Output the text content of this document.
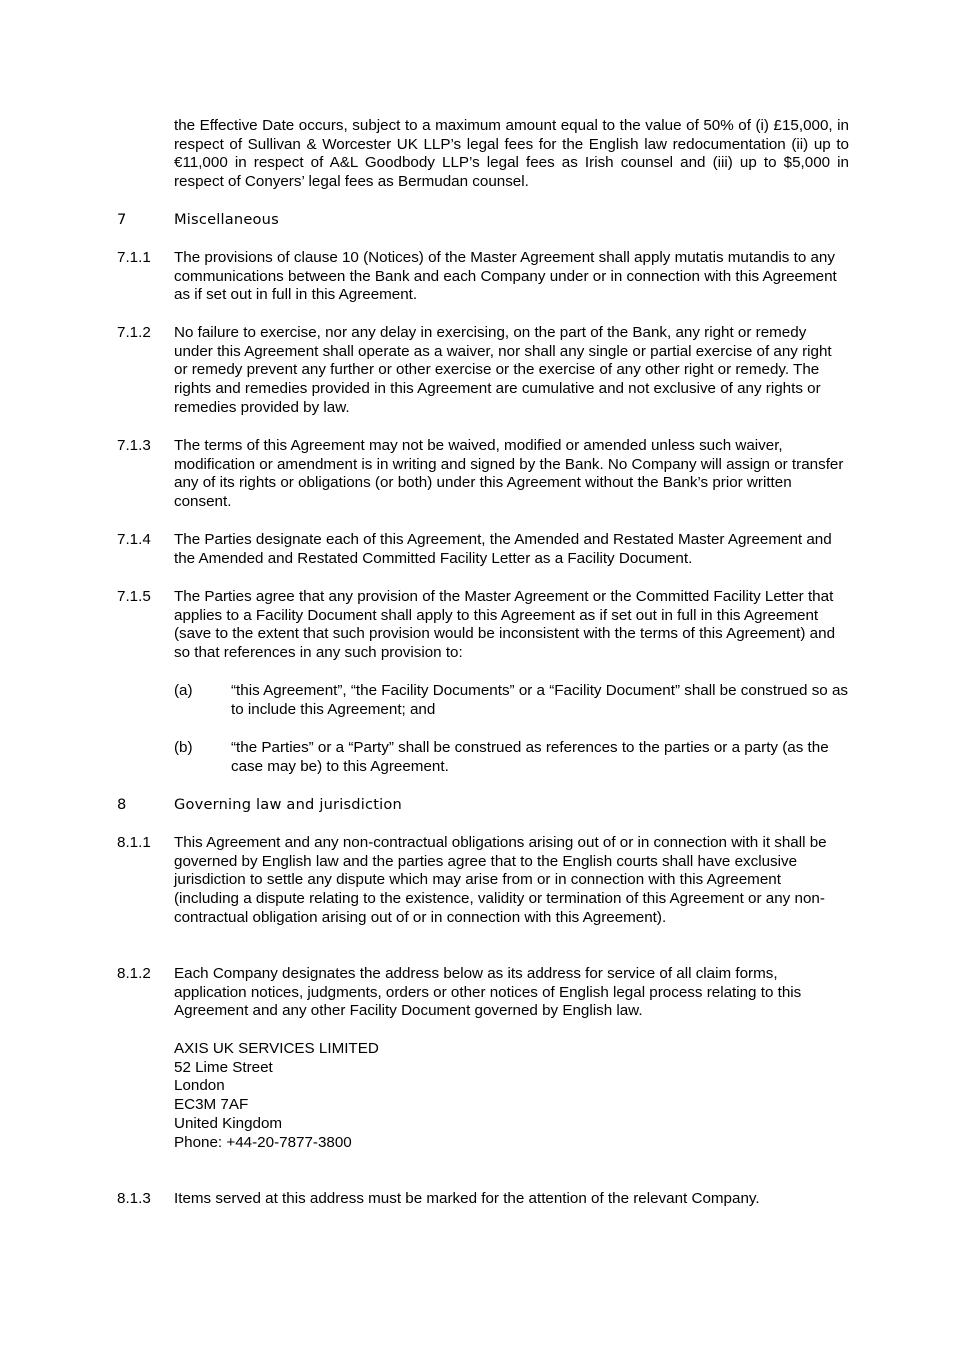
the Effective Date occurs, subject to a maximum amount equal to the value of 50% of (i) £15,000, in respect of Sullivan & Worcester UK LLP’s legal fees for the English law redocumentation (ii) up to €11,000 in respect of A&L Goodbody LLP’s legal fees as Irish counsel and (iii) up to $5,000 in respect of Conyers’ legal fees as Bermudan counsel.
7	Miscellaneous
7.1.1 The provisions of clause 10 (Notices) of the Master Agreement shall apply mutatis mutandis to any communications between the Bank and each Company under or in connection with this Agreement as if set out in full in this Agreement.
7.1.2 No failure to exercise, nor any delay in exercising, on the part of the Bank, any right or remedy under this Agreement shall operate as a waiver, nor shall any single or partial exercise of any right or remedy prevent any further or other exercise or the exercise of any other right or remedy. The rights and remedies provided in this Agreement are cumulative and not exclusive of any rights or remedies provided by law.
7.1.3 The terms of this Agreement may not be waived, modified or amended unless such waiver, modification or amendment is in writing and signed by the Bank. No Company will assign or transfer any of its rights or obligations (or both) under this Agreement without the Bank’s prior written consent.
7.1.4 The Parties designate each of this Agreement, the Amended and Restated Master Agreement and the Amended and Restated Committed Facility Letter as a Facility Document.
7.1.5 The Parties agree that any provision of the Master Agreement or the Committed Facility Letter that applies to a Facility Document shall apply to this Agreement as if set out in full in this Agreement (save to the extent that such provision would be inconsistent with the terms of this Agreement) and so that references in any such provision to:
(a)	“this Agreement”, “the Facility Documents” or a “Facility Document” shall be construed so as to include this Agreement; and
(b)	“the Parties” or a “Party” shall be construed as references to the parties or a party (as the case may be) to this Agreement.
8	Governing law and jurisdiction
8.1.1 This Agreement and any non-contractual obligations arising out of or in connection with it shall be governed by English law and the parties agree that to the English courts shall have exclusive jurisdiction to settle any dispute which may arise from or in connection with this Agreement (including a dispute relating to the existence, validity or termination of this Agreement or any non-contractual obligation arising out of or in connection with this Agreement).
8.1.2 Each Company designates the address below as its address for service of all claim forms, application notices, judgments, orders or other notices of English legal process relating to this Agreement and any other Facility Document governed by English law.
AXIS UK SERVICES LIMITED
52 Lime Street
London
EC3M 7AF
United Kingdom
Phone: +44-20-7877-3800
8.1.3 Items served at this address must be marked for the attention of the relevant Company.
